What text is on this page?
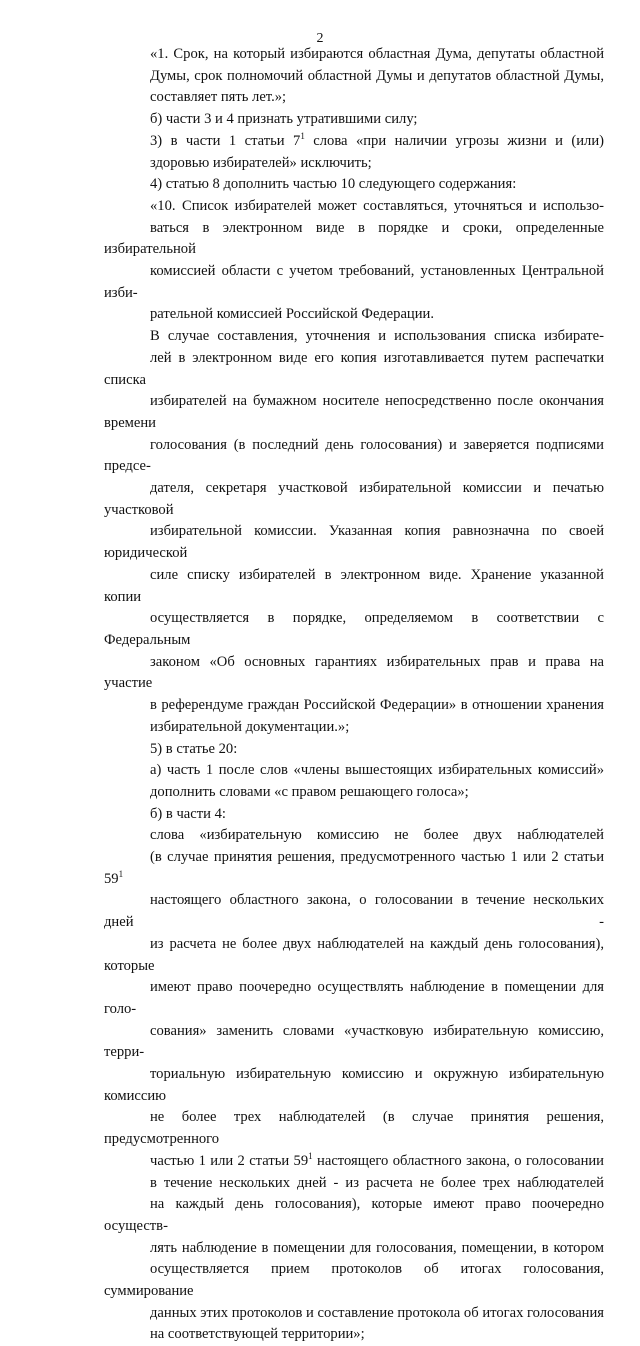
2

«1. Срок, на который избираются областная Дума, депутаты областной
Думы, срок полномочий областной Думы и депутатов областной Думы,
составляет пять лет.»;

б) части 3 и 4 признать утратившими силу;

3) в части 1 статьи $7^1$ слова «при наличии угрозы жизни и (или)
здоровью избирателей» исключить;

4) статью 8 дополнить частью 10 следующего содержания:

«10. Список избирателей может составляться, уточняться и использо-
ваться в электронном виде в порядке и сроки, определенные избирательной
комиссией области с учетом требований, установленных Центральной изби-
рательной комиссией Российской Федерации.

В случае составления, уточнения и использования списка избирате-
лей в электронном виде его копия изготавливается путем распечатки списка
избирателей на бумажном носителе непосредственно после окончания времени
голосования (в последний день голосования) и заверяется подписями предсе-
дателя, секретаря участковой избирательной комиссии и печатью участковой
избирательной комиссии. Указанная копия равнозначна по своей юридической
силе списку избирателей в электронном виде. Хранение указанной копии
осуществляется в порядке, определяемом в соответствии с Федеральным
законом «Об основных гарантиях избирательных прав и права на участие
в референдуме граждан Российской Федерации» в отношении хранения
избирательной документации.»;

5) в статье 20:

а) часть 1 после слов «члены вышестоящих избирательных комиссий»
дополнить словами «с правом решающего голоса»;

б) в части 4:

слова «избирательную комиссию не более двух наблюдателей
(в случае принятия решения, предусмотренного частью 1 или 2 статьи $59^1$
настоящего областного закона, о голосовании в течение нескольких дней -
из расчета не более двух наблюдателей на каждый день голосования), которые
имеют право поочередно осуществлять наблюдение в помещении для голо-
сования» заменить словами «участковую избирательную комиссию, терри-
ториальную избирательную комиссию и окружную избирательную комиссию
не более трех наблюдателей (в случае принятия решения, предусмотренного
частью 1 или 2 статьи $59^1$ настоящего областного закона, о голосовании
в течение нескольких дней - из расчета не более трех наблюдателей
на каждый день голосования), которые имеют право поочередно осуществ-
лять наблюдение в помещении для голосования, помещении, в котором
осуществляется прием протоколов об итогах голосования, суммирование
данных этих протоколов и составление протокола об итогах голосования
на соответствующей территории»;
